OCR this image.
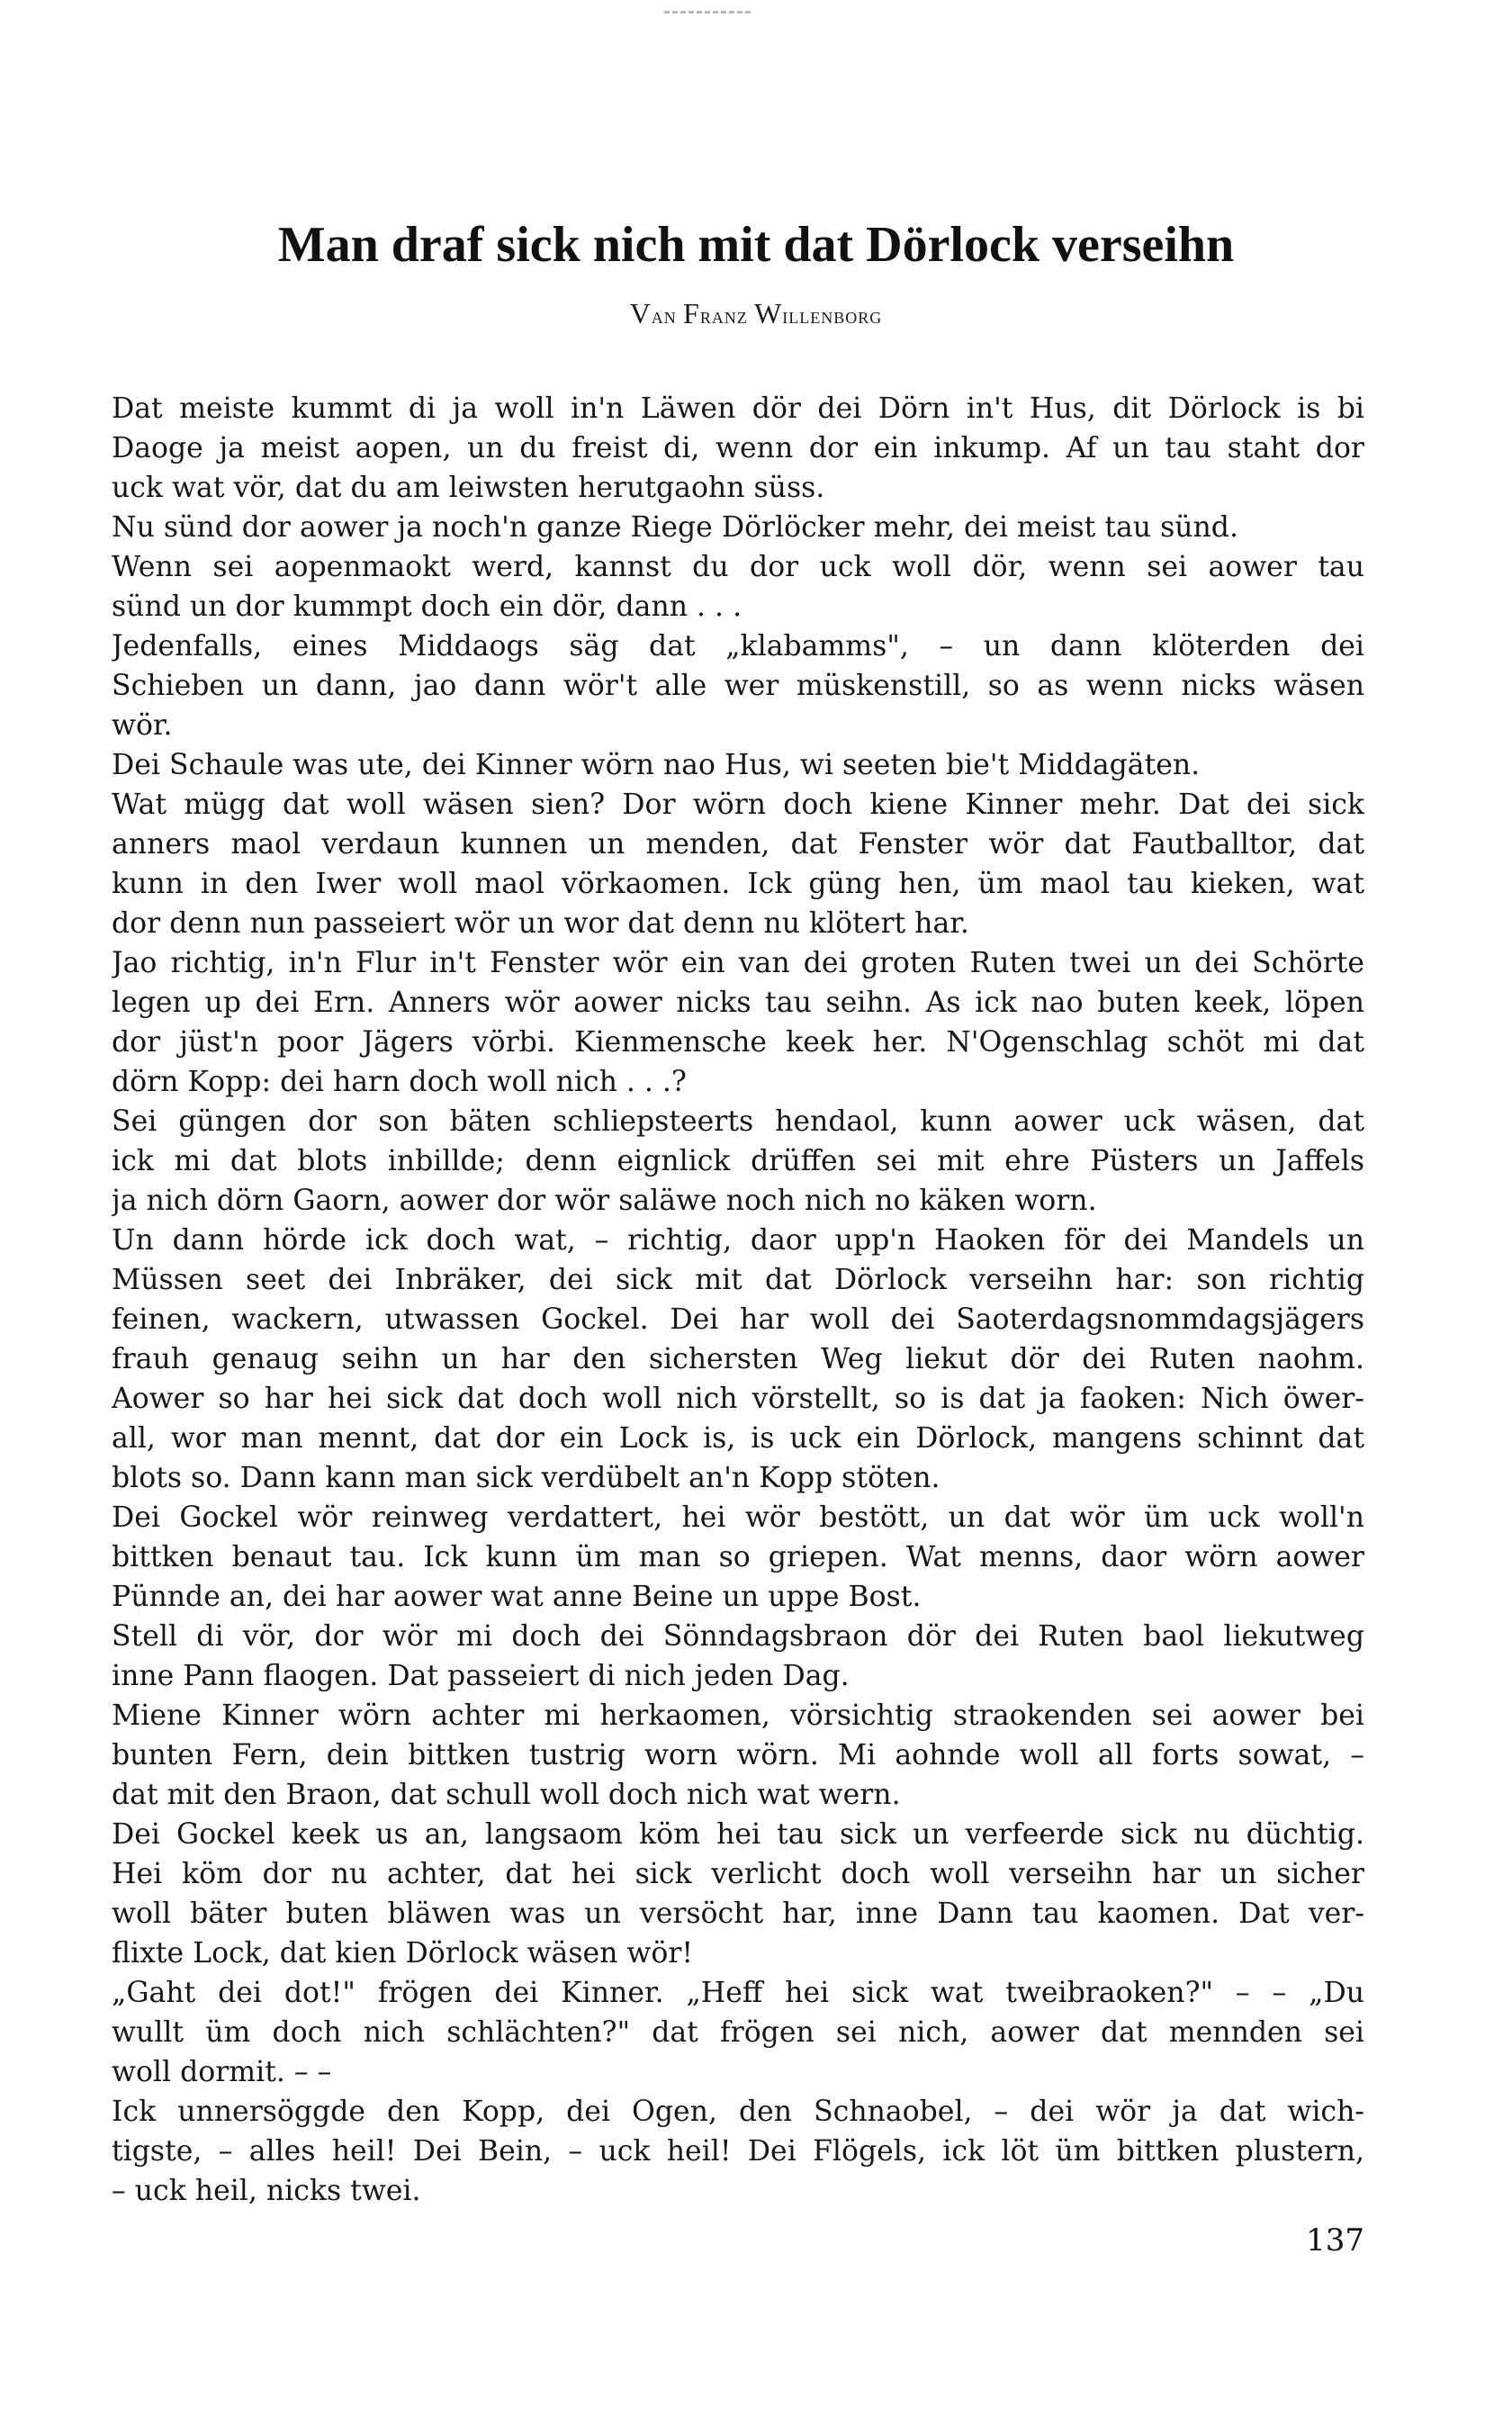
Man draf sick nich mit dat Dörlock verseihn
Van Franz Willenborg
Dat meiste kummt di ja woll in'n Läwen dör dei Dörn in't Hus, dit Dörlock is bi
Daoge ja meist aopen, un du freist di, wenn dor ein inkump. Af un tau staht dor
uck wat vör, dat du am leiwsten herutgaohn süss.
Nu sünd dor aower ja noch'n ganze Riege Dörlöcker mehr, dei meist tau sünd.
Wenn sei aopenmaokt werd, kannst du dor uck woll dör, wenn sei aower tau
sünd un dor kummpt doch ein dör, dann . . .
Jedenfalls, eines Middaogs säg dat „klabamms", – un dann klöterden dei
Schieben un dann, jao dann wör't alle wer müskenstill, so as wenn nicks wäsen
wör.
Dei Schaule was ute, dei Kinner wörn nao Hus, wi seeten bie't Middagäten.
Wat mügg dat woll wäsen sien? Dor wörn doch kiene Kinner mehr. Dat dei sick
anners maol verdaun kunnen un menden, dat Fenster wör dat Fautballtor, dat
kunn in den Iwer woll maol vörkaomen. Ick güng hen, üm maol tau kieken, wat
dor denn nun passeiert wör un wor dat denn nu klötert har.
Jao richtig, in'n Flur in't Fenster wör ein van dei groten Ruten twei un dei Schörte
legen up dei Ern. Anners wör aower nicks tau seihn. As ick nao buten keek, löpen
dor jüst'n poor Jägers vörbi. Kienmensche keek her. N'Ogenschlag schöt mi dat
dörn Kopp: dei harn doch woll nich . . .?
Sei güngen dor son bäten schliepsteerts hendaol, kunn aower uck wäsen, dat
ick mi dat blots inbillde; denn eignlick drüffen sei mit ehre Püsters un Jaffels
ja nich dörn Gaorn, aower dor wör saläwe noch nich no käken worn.
Un dann hörde ick doch wat, – richtig, daor upp'n Haoken för dei Mandels un
Müssen seet dei Inbräker, dei sick mit dat Dörlock verseihn har: son richtig
feinen, wackern, utwassen Gockel. Dei har woll dei Saoterdagsnommdagsjägers
frauh genaug seihn un har den sichersten Weg liekut dör dei Ruten naohm.
Aower so har hei sick dat doch woll nich vörstellt, so is dat ja faoken: Nich öwer-
all, wor man mennt, dat dor ein Lock is, is uck ein Dörlock, mangens schinnt dat
blots so. Dann kann man sick verdübelt an'n Kopp stöten.
Dei Gockel wör reinweg verdattert, hei wör bestött, un dat wör üm uck woll'n
bittken benaut tau. Ick kunn üm man so griepen. Wat menns, daor wörn aower
Pünnde an, dei har aower wat anne Beine un uppe Bost.
Stell di vör, dor wör mi doch dei Sönndagsbraon dör dei Ruten baol liekutweg
inne Pann flaogen. Dat passeiert di nich jeden Dag.
Miene Kinner wörn achter mi herkaomen, vörsichtig straokenden sei aower bei
bunten Fern, dein bittken tustrig worn wörn. Mi aohnde woll all forts sowat, –
dat mit den Braon, dat schull woll doch nich wat wern.
Dei Gockel keek us an, langsaom köm hei tau sick un verfeerde sick nu düchtig.
Hei köm dor nu achter, dat hei sick verlicht doch woll verseihn har un sicher
woll bäter buten bläwen was un versöcht har, inne Dann tau kaomen. Dat ver-
flixte Lock, dat kien Dörlock wäsen wör!
„Gaht dei dot!" frögen dei Kinner. „Heff hei sick wat tweibraoken?" – – „Du
wullt üm doch nich schlächten?" dat frögen sei nich, aower dat mennden sei
woll dormit. – –
Ick unnersöggde den Kopp, dei Ogen, den Schnaobel, – dei wör ja dat wich-
tigste, – alles heil! Dei Bein, – uck heil! Dei Flögels, ick löt üm bittken plustern,
– uck heil, nicks twei.
137
